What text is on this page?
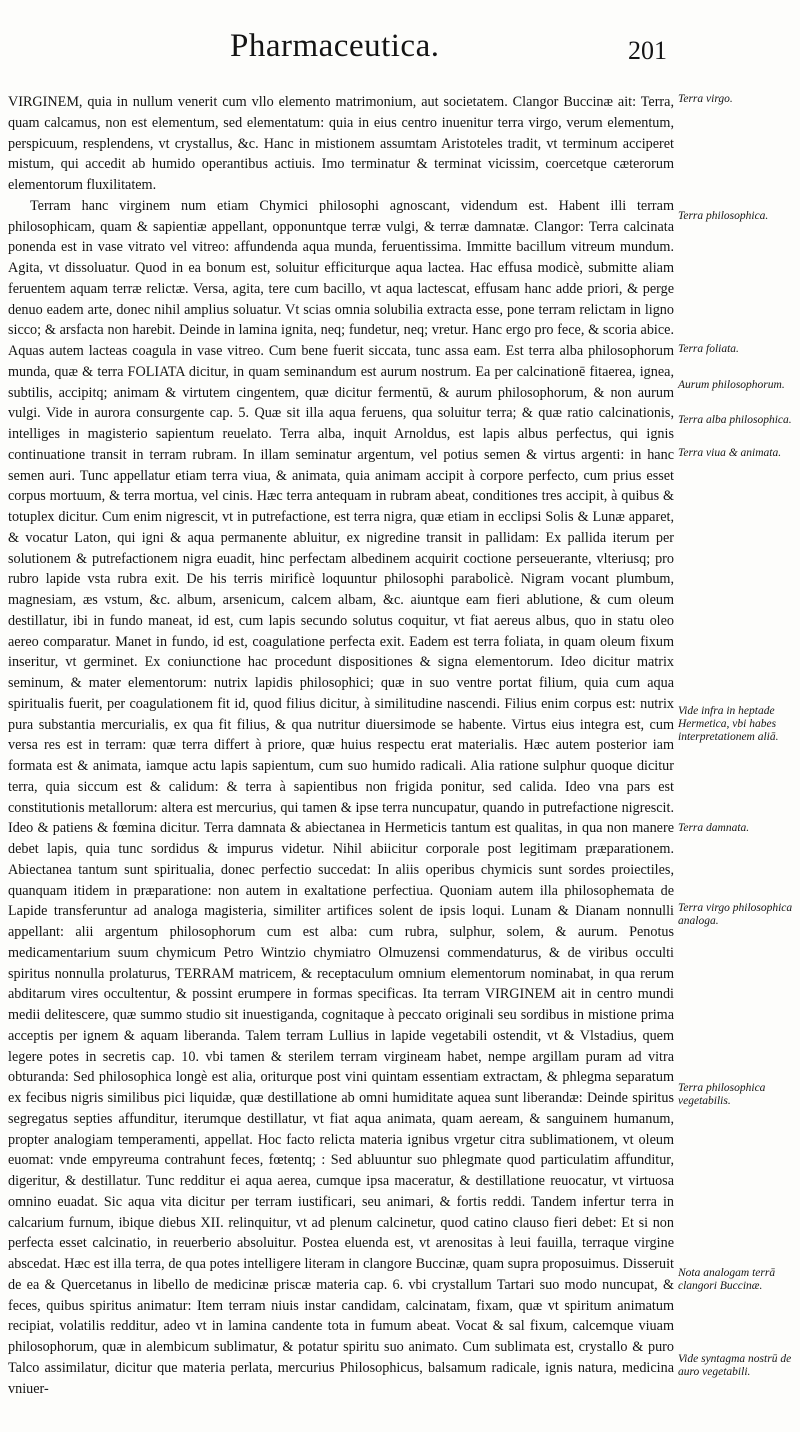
Pharmaceutica.	201

VIRGINEM, quia in nullum venerit cum vllo elemento matrimonium, aut societatem. Clangor Buccinæ ait: Terra, quam calcamus, non est elementum, sed elementatum: quia in eius centro inuenitur terra virgo, verum elementum, perspicuum, resplendens, vt crystallus, &c. Hanc in mistionem assumtam Aristoteles tradit, vt terminum acciperet mistum, qui accedit ab humido operantibus actiuis. Imo terminatur & terminat vicissim, coercetque cæterorum elementorum fluxilitatem.

Terram hanc virginem num etiam Chymici philosophi agnoscant, videndum est. Habent illi terram philosophicam, quam & sapientiæ appellant, opponuntque terræ vulgi, & terræ damnatæ. Clangor: Terra calcinata ponenda est in vase vitrato vel vitreo: affundenda aqua munda, feruentissima. Immitte bacillum vitreum mundum. Agita, vt dissoluatur. Quod in ea bonum est, soluitur efficiturque aqua lactea. Hac effusa modicè, submitte aliam feruentem aquam terræ relictæ. Versa, agita, tere cum bacillo, vt aqua lactescat, effusam hanc adde priori, & perge denuo eadem arte, donec nihil amplius soluatur. Vt scias omnia solubilia extracta esse, pone terram relictam in ligno sicco; & arsfacta non harebit. Deinde in lamina ignita, neq; fundetur, neq; vretur. Hanc ergo pro fece, & scoria abice. Aquas autem lacteas coagula in vase vitreo. Cum bene fuerit siccata, tunc assa eam. Est terra alba philosophorum munda, quæ & terra FOLIATA dicitur, in quam seminandum est aurum nostrum. Ea per calcinationē fitaerea, ignea, subtilis, accipitq; animam & virtutem cingentem, quæ dicitur fermentū, & aurum philosophorum, & non aurum vulgi. Vide in aurora consurgente cap. 5. Quæ sit illa aqua feruens, qua soluitur terra; & quæ ratio calcinationis, intelliges in magisterio sapientum reuelato. Terra alba, inquit Arnoldus, est lapis albus perfectus, qui ignis continuatione transit in terram rubram. In illam seminatur argentum, vel potius semen & virtus argenti: in hanc semen auri. Tunc appellatur etiam terra viua, & animata, quia animam accipit à corpore perfecto, cum prius esset corpus mortuum, & terra mortua, vel cinis. Hæc terra antequam in rubram abeat, conditiones tres accipit, à quibus & totuplex dicitur. Cum enim nigrescit, vt in putrefactione, est terra nigra, quæ etiam in ecclipsi Solis & Lunæ apparet, & vocatur Laton, qui igni & aqua permanente abluitur, ex nigredine transit in pallidam: Ex pallida iterum per solutionem & putrefactionem nigra euadit, hinc perfectam albedinem acquirit coctione perseuerante, vlteriusq; pro rubro lapide vsta rubra exit. De his terris mirificè loquuntur philosophi parabolicè. Nigram vocant plumbum, magnesiam, æs vstum, &c. album, arsenicum, calcem albam, &c. aiuntque eam fieri ablutione, & cum oleum destillatur, ibi in fundo maneat, id est, cum lapis secundo solutus coquitur, vt fiat aereus albus, quo in statu oleo aereo comparatur. Manet in fundo, id est, coagulatione perfecta exit. Eadem est terra foliata, in quam oleum fixum inseritur, vt germinet. Ex coniunctione hac procedunt dispositiones & signa elementorum. Ideo dicitur matrix seminum, & mater elementorum: nutrix lapidis philosophici; quæ in suo ventre portat filium, quia cum aqua spiritualis fuerit, per coagulationem fit id, quod filius dicitur, à similitudine nascendi. Filius enim corpus est: nutrix pura substantia mercurialis, ex qua fit filius, & qua nutritur diuersimode se habente. Virtus eius integra est, cum versa res est in terram: quæ terra differt à priore, quæ huius respectu erat materialis. Hæc autem posterior iam formata est & animata, iamque actu lapis sapientum, cum suo humido radicali. Alia ratione sulphur quoque dicitur terra, quia siccum est & calidum: & terra à sapientibus non frigida ponitur, sed calida. Ideo vna pars est constitutionis metallorum: altera est mercurius, qui tamen & ipse terra nuncupatur, quando in putrefactione nigrescit. Ideo & patiens & fœmina dicitur. Terra damnata & abiectanea in Hermeticis tantum est qualitas, in qua non manere debet lapis, quia tunc sordidus & impurus videtur. Nihil abiicitur corporale post legitimam præparationem. Abiectanea tantum sunt spiritualia, donec perfectio succedat: In aliis operibus chymicis sunt sordes proiectiles, quanquam itidem in præparatione: non autem in exaltatione perfectiua. Quoniam autem illa philosophemata de Lapide transferuntur ad analoga magisteria, similiter artifices solent de ipsis loqui. Lunam & Dianam nonnulli appellant: alii argentum philosophorum cum est alba: cum rubra, sulphur, solem, & aurum. Penotus medicamentarium suum chymicum Petro Wintzio chymiatro Olmuzensi commendaturus, & de viribus occulti spiritus nonnulla prolaturus, TERRAM matricem, & receptaculum omnium elementorum nominabat, in qua rerum abditarum vires occultentur, & possint erumpere in formas specificas. Ita terram VIRGINEM ait in centro mundi medii delitescere, quæ summo studio sit inuestiganda, cognitaque à peccato originali seu sordibus in mistione prima acceptis per ignem & aquam liberanda. Talem terram Lullius in lapide vegetabili ostendit, vt & Vlstadius, quem legere potes in secretis cap. 10. vbi tamen & sterilem terram virgineam habet, nempe argillam puram ad vitra obturanda: Sed philosophica longè est alia, oriturque post vini quintam essentiam extractam, & phlegma separatum ex fecibus nigris similibus pici liquidæ, quæ destillatione ab omni humiditate aquea sunt liberandæ: Deinde spiritus segregatus septies affunditur, iterumque destillatur, vt fiat aqua animata, quam aeream, & sanguinem humanum, propter analogiam temperamenti, appellat. Hoc facto relicta materia ignibus vrgetur citra sublimationem, vt oleum euomat: vnde empyreuma contrahunt feces, fœtentq; : Sed abluuntur suo phlegmate quod particulatim affunditur, digeritur, & destillatur. Tunc redditur ei aqua aerea, cumque ipsa maceratur, & destillatione reuocatur, vt virtuosa omnino euadat. Sic aqua vita dicitur per terram iustificari, seu animari, & fortis reddi. Tandem infertur terra in calcarium furnum, ibique diebus XII. relinquitur, vt ad plenum calcinetur, quod catino clauso fieri debet: Et si non perfecta esset calcinatio, in reuerberio absoluitur. Postea eluenda est, vt arenositas à leui fauilla, terraque virgine abscedat. Hæc est illa terra, de qua potes intelligere literam in clangore Buccinæ, quam supra proposuimus. Disseruit de ea & Quercetanus in libello de medicinæ priscæ materia cap. 6. vbi crystallum Tartari suo modo nuncupat, & feces, quibus spiritus animatur: Item terram niuis instar candidam, calcinatam, fixam, quæ vt spiritum animatum recipiat, volatilis redditur, adeo vt in lamina candente tota in fumum abeat. Vocat & sal fixum, calcemque viuam philosophorum, quæ in alembicum sublimatur, & potatur spiritu suo animato. Cum sublimata est, crystallo & puro Talco assimilatur, dicitur que materia perlata, mercurius Philosophicus, balsamum radicale, ignis natura, medicina vniuer-

Terra virgo.
Terra philosophica.
Terra foliata.
Aurum philosophorum.
Terra alba philosophica.
Terra viua & animata.
Vide infra in heptade Hermetica, vbi habes interpretationem aliā.
Terra damnata.
Terra virgo philosophica analoga.
Terra philosophica vegetabilis.
Nota analogam terrā clangori Buccinæ.
Vide syntagma nostrū de auro vegetabili.
